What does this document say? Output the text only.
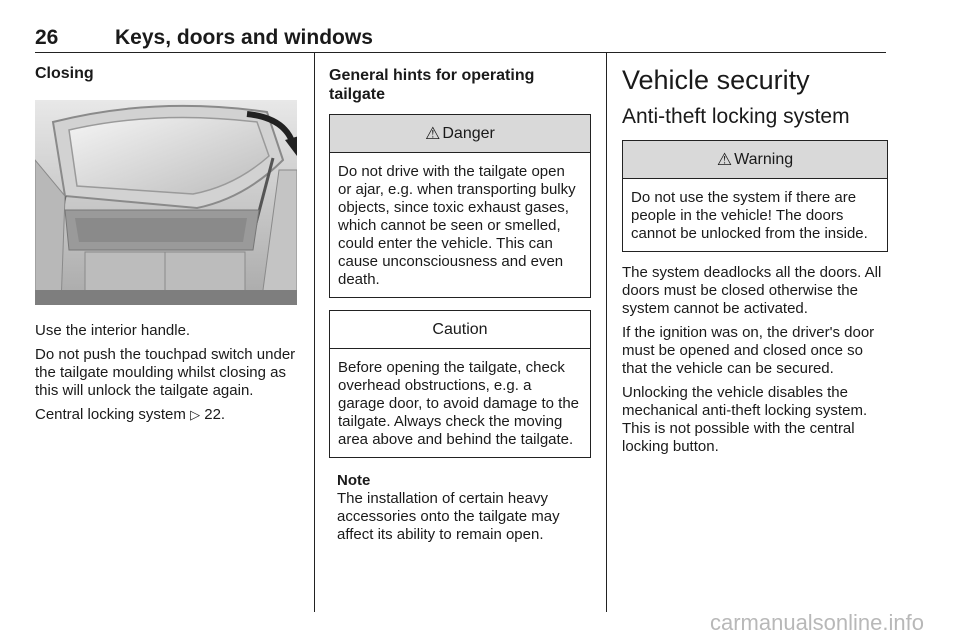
26	Keys, doors and windows
Closing

Use the interior handle.

Do not push the touchpad switch under the tailgate moulding whilst closing as this will unlock the tailgate again.

Central locking system ▷ 22.

General hints for operating tailgate
⚠ Danger
Do not drive with the tailgate open or ajar, e.g. when transporting bulky objects, since toxic exhaust gases, which cannot be seen or smelled, could enter the vehicle. This can cause unconsciousness and even death.
Caution
Before opening the tailgate, check overhead obstructions, e.g. a garage door, to avoid damage to the tailgate. Always check the moving area above and behind the tailgate.
Note
The installation of certain heavy accessories onto the tailgate may affect its ability to remain open.
Vehicle security
Anti-theft locking system
⚠ Warning
Do not use the system if there are people in the vehicle! The doors cannot be unlocked from the inside.

The system deadlocks all the doors. All doors must be closed otherwise the system cannot be activated.

If the ignition was on, the driver's door must be opened and closed once so that the vehicle can be secured.

Unlocking the vehicle disables the mechanical anti-theft locking system. This is not possible with the central locking button.

carmanualsonline.info
